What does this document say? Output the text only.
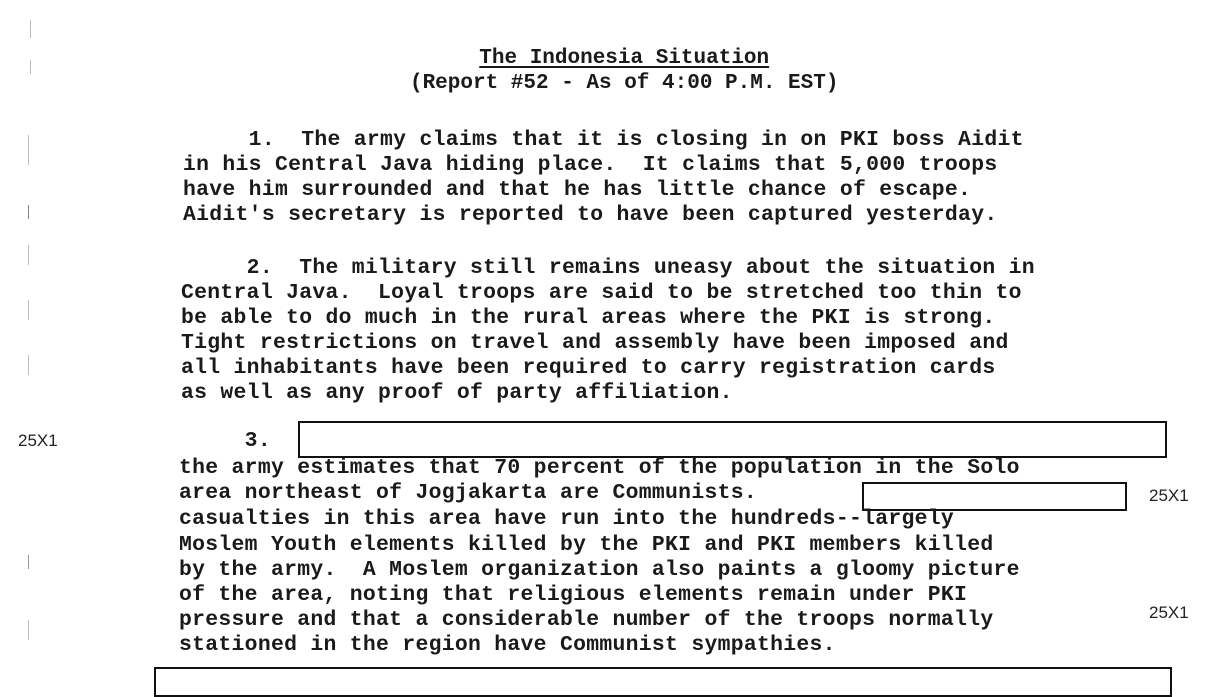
The Indonesia Situation

(Report #52 - As of 4:00 P.M. EST)

1.  The army claims that it is closing in on PKI boss Aidit
in his Central Java hiding place.  It claims that 5,000 troops
have him surrounded and that he has little chance of escape.
Aidit's secretary is reported to have been captured yesterday.
2.  The military still remains uneasy about the situation in
Central Java.  Loyal troops are said to be stretched too thin to
be able to do much in the rural areas where the PKI is strong.
Tight restrictions on travel and assembly have been imposed and
all inhabitants have been required to carry registration cards
as well as any proof of party affiliation.
3.
the army estimates that 70 percent of the population in the Solo
area northeast of Jogjakarta are Communists.
casualties in this area have run into the hundreds--largely
Moslem Youth elements killed by the PKI and PKI members killed
by the army.  A Moslem organization also paints a gloomy picture
of the area, noting that religious elements remain under PKI
pressure and that a considerable number of the troops normally
stationed in the region have Communist sympathies.
25X1
25X1
25X1
